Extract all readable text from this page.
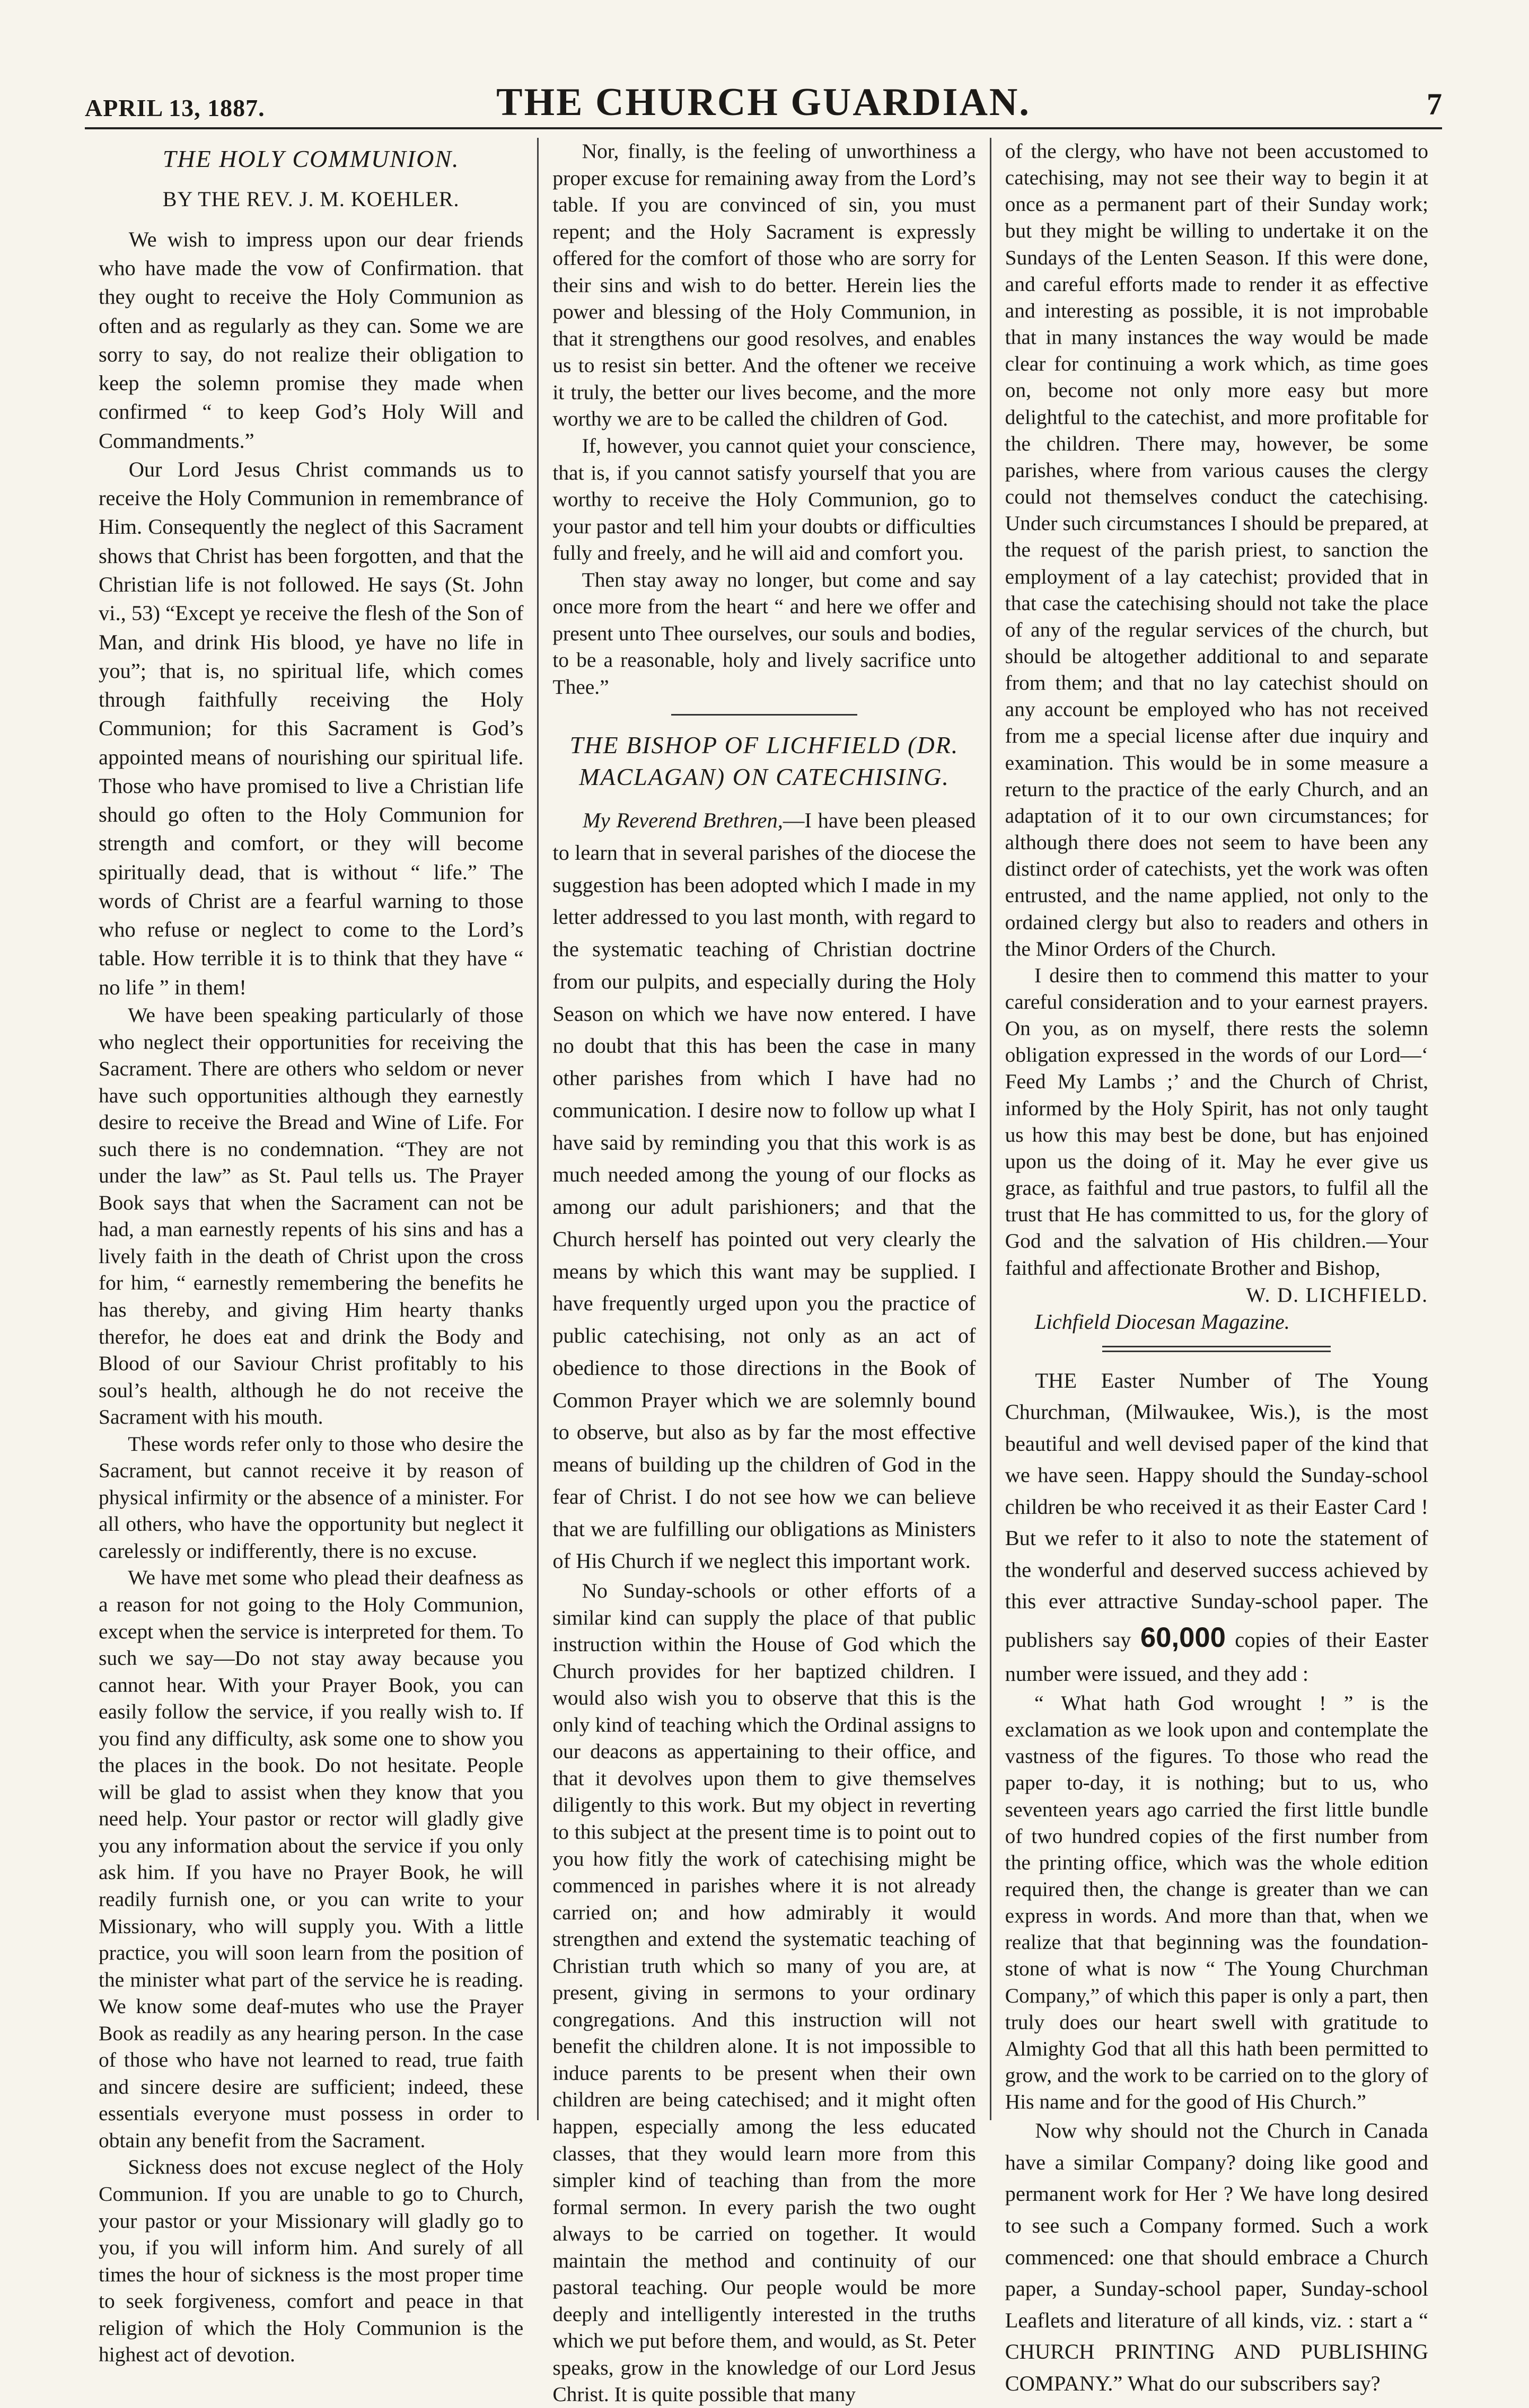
APRIL 13, 1887.	THE CHURCH GUARDIAN.	7
THE HOLY COMMUNION.
BY THE REV. J. M. KOEHLER.

We wish to impress upon our dear friends who have made the vow of Confirmation. that they ought to receive the Holy Communion as often and as regularly as they can. Some we are sorry to say, do not realize their obligation to keep the solemn promise they made when confirmed “ to keep God’s Holy Will and Commandments.”

Our Lord Jesus Christ commands us to receive the Holy Communion in remembrance of Him. Consequently the neglect of this Sacrament shows that Christ has been forgotten, and that the Christian life is not followed. He says (St. John vi., 53) “Except ye receive the flesh of the Son of Man, and drink His blood, ye have no life in you”; that is, no spiritual life, which comes through faithfully receiving the Holy Communion; for this Sacrament is God’s appointed means of nourishing our spiritual life. Those who have promised to live a Christian life should go often to the Holy Communion for strength and comfort, or they will become spiritually dead, that is without “ life.” The words of Christ are a fearful warning to those who refuse or neglect to come to the Lord’s table. How terrible it is to think that they have “ no life ” in them!

We have been speaking particularly of those who neglect their opportunities for receiving the Sacrament. There are others who seldom or never have such opportunities although they earnestly desire to receive the Bread and Wine of Life. For such there is no condemnation. “They are not under the law” as St. Paul tells us. The Prayer Book says that when the Sacrament can not be had, a man earnestly repents of his sins and has a lively faith in the death of Christ upon the cross for him, “ earnestly remembering the benefits he has thereby, and giving Him hearty thanks therefor, he does eat and drink the Body and Blood of our Saviour Christ profitably to his soul’s health, although he do not receive the Sacrament with his mouth.

These words refer only to those who desire the Sacrament, but cannot receive it by reason of physical infirmity or the absence of a minister. For all others, who have the opportunity but neglect it carelessly or indifferently, there is no excuse.

We have met some who plead their deafness as a reason for not going to the Holy Communion, except when the service is interpreted for them. To such we say—Do not stay away because you cannot hear. With your Prayer Book, you can easily follow the service, if you really wish to. If you find any difficulty, ask some one to show you the places in the book. Do not hesitate. People will be glad to assist when they know that you need help. Your pastor or rector will gladly give you any information about the service if you only ask him. If you have no Prayer Book, he will readily furnish one, or you can write to your Missionary, who will supply you. With a little practice, you will soon learn from the position of the minister what part of the service he is reading. We know some deaf-mutes who use the Prayer Book as readily as any hearing person. In the case of those who have not learned to read, true faith and sincere desire are sufficient; indeed, these essentials everyone must possess in order to obtain any benefit from the Sacrament.

Sickness does not excuse neglect of the Holy Communion. If you are unable to go to Church, your pastor or your Missionary will gladly go to you, if you will inform him. And surely of all times the hour of sickness is the most proper time to seek forgiveness, comfort and peace in that religion of which the Holy Communion is the highest act of devotion.

Nor, finally, is the feeling of unworthiness a proper excuse for remaining away from the Lord’s table. If you are convinced of sin, you must repent; and the Holy Sacrament is expressly offered for the comfort of those who are sorry for their sins and wish to do better. Herein lies the power and blessing of the Holy Communion, in that it strengthens our good resolves, and enables us to resist sin better. And the oftener we receive it truly, the better our lives become, and the more worthy we are to be called the children of God.

If, however, you cannot quiet your conscience, that is, if you cannot satisfy yourself that you are worthy to receive the Holy Communion, go to your pastor and tell him your doubts or difficulties fully and freely, and he will aid and comfort you.

Then stay away no longer, but come and say once more from the heart “ and here we offer and present unto Thee ourselves, our souls and bodies, to be a reasonable, holy and lively sacrifice unto Thee.”

THE BISHOP OF LICHFIELD (DR. MACLAGAN) ON CATECHISING.

My Reverend Brethren,—I have been pleased to learn that in several parishes of the diocese the suggestion has been adopted which I made in my letter addressed to you last month, with regard to the systematic teaching of Christian doctrine from our pulpits, and especially during the Holy Season on which we have now entered. I have no doubt that this has been the case in many other parishes from which I have had no communication. I desire now to follow up what I have said by reminding you that this work is as much needed among the young of our flocks as among our adult parishioners; and that the Church herself has pointed out very clearly the means by which this want may be supplied. I have frequently urged upon you the practice of public catechising, not only as an act of obedience to those directions in the Book of Common Prayer which we are solemnly bound to observe, but also as by far the most effective means of building up the children of God in the fear of Christ. I do not see how we can believe that we are fulfilling our obligations as Ministers of His Church if we neglect this important work.

No Sunday-schools or other efforts of a similar kind can supply the place of that public instruction within the House of God which the Church provides for her baptized children. I would also wish you to observe that this is the only kind of teaching which the Ordinal assigns to our deacons as appertaining to their office, and that it devolves upon them to give themselves diligently to this work. But my object in reverting to this subject at the present time is to point out to you how fitly the work of catechising might be commenced in parishes where it is not already carried on; and how admirably it would strengthen and extend the systematic teaching of Christian truth which so many of you are, at present, giving in sermons to your ordinary congregations. And this instruction will not benefit the children alone. It is not impossible to induce parents to be present when their own children are being catechised; and it might often happen, especially among the less educated classes, that they would learn more from this simpler kind of teaching than from the more formal sermon. In every parish the two ought always to be carried on together. It would maintain the method and continuity of our pastoral teaching. Our people would be more deeply and intelligently interested in the truths which we put before them, and would, as St. Peter speaks, grow in the knowledge of our Lord Jesus Christ. It is quite possible that many

of the clergy, who have not been accustomed to catechising, may not see their way to begin it at once as a permanent part of their Sunday work; but they might be willing to undertake it on the Sundays of the Lenten Season. If this were done, and careful efforts made to render it as effective and interesting as possible, it is not improbable that in many instances the way would be made clear for continuing a work which, as time goes on, become not only more easy but more delightful to the catechist, and more profitable for the children. There may, however, be some parishes, where from various causes the clergy could not themselves conduct the catechising. Under such circumstances I should be prepared, at the request of the parish priest, to sanction the employment of a lay catechist; provided that in that case the catechising should not take the place of any of the regular services of the church, but should be altogether additional to and separate from them; and that no lay catechist should on any account be employed who has not received from me a special license after due inquiry and examination. This would be in some measure a return to the practice of the early Church, and an adaptation of it to our own circumstances; for although there does not seem to have been any distinct order of catechists, yet the work was often entrusted, and the name applied, not only to the ordained clergy but also to readers and others in the Minor Orders of the Church.

I desire then to commend this matter to your careful consideration and to your earnest prayers. On you, as on myself, there rests the solemn obligation expressed in the words of our Lord—‘ Feed My Lambs ;’ and the Church of Christ, informed by the Holy Spirit, has not only taught us how this may best be done, but has enjoined upon us the doing of it. May he ever give us grace, as faithful and true pastors, to fulfil all the trust that He has committed to us, for the glory of God and the salvation of His children.—Your faithful and affectionate Brother and Bishop,

W. D. LICHFIELD.
Lichfield Diocesan Magazine.

THE Easter Number of The Young Churchman, (Milwaukee, Wis.), is the most beautiful and well devised paper of the kind that we have seen. Happy should the Sunday-school children be who received it as their Easter Card ! But we refer to it also to note the statement of the wonderful and deserved success achieved by this ever attractive Sunday-school paper. The publishers say 60,000 copies of their Easter number were issued, and they add :

“ What hath God wrought ! ” is the exclamation as we look upon and contemplate the vastness of the figures. To those who read the paper to-day, it is nothing; but to us, who seventeen years ago carried the first little bundle of two hundred copies of the first number from the printing office, which was the whole edition required then, the change is greater than we can express in words. And more than that, when we realize that that beginning was the foundation-stone of what is now “ The Young Churchman Company,” of which this paper is only a part, then truly does our heart swell with gratitude to Almighty God that all this hath been permitted to grow, and the work to be carried on to the glory of His name and for the good of His Church.”

Now why should not the Church in Canada have a similar Company? doing like good and permanent work for Her ? We have long desired to see such a Company formed. Such a work commenced: one that should embrace a Church paper, a Sunday-school paper, Sunday-school Leaflets and literature of all kinds, viz. : start a “ CHURCH PRINTING AND PUBLISHING COMPANY.” What do our subscribers say?
